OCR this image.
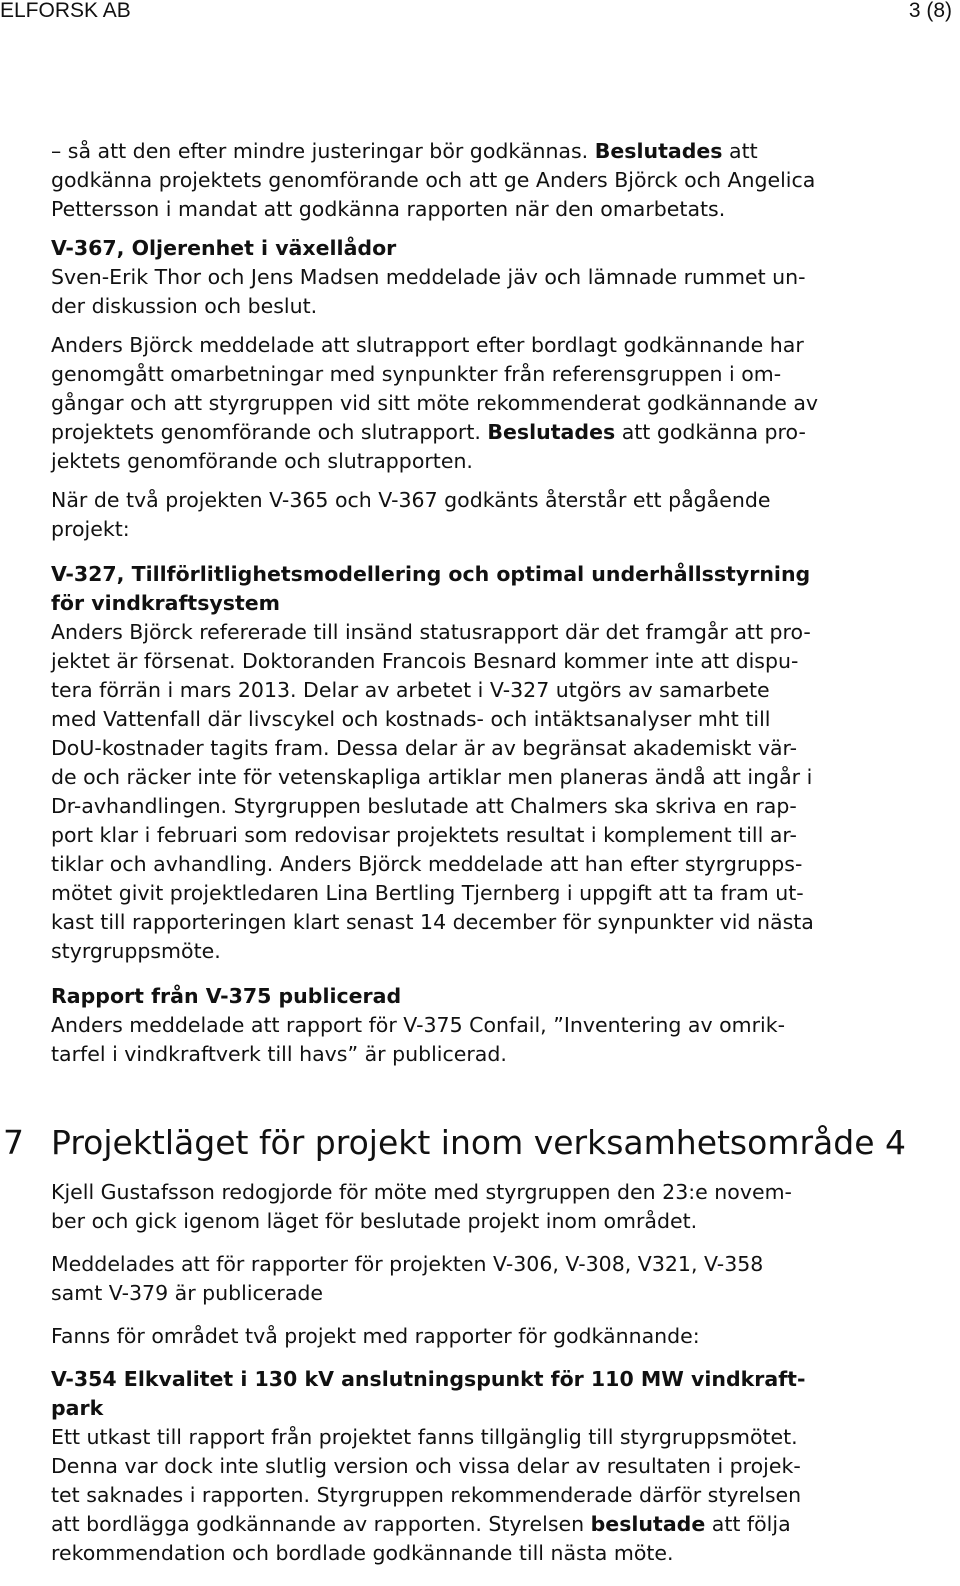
ELFORSK AB	3 (8)
– så att den efter mindre justeringar bör godkännas. Beslutades att
godkänna projektets genomförande och att ge Anders Björck och Angelica
Pettersson i mandat att godkänna rapporten när den omarbetats.
V-367, Oljerenhet i växellådor
Sven-Erik Thor och Jens Madsen meddelade jäv och lämnade rummet un-
der diskussion och beslut.
Anders Björck meddelade att slutrapport efter bordlagt godkännande har
genomgått omarbetningar med synpunkter från referensgruppen i om-
gångar och att styrgruppen vid sitt möte rekommenderat godkännande av
projektets genomförande och slutrapport. Beslutades att godkänna pro-
jektets genomförande och slutrapporten.
När de två projekten V-365 och V-367 godkänts återstår ett pågående
projekt:
V-327, Tillförlitlighetsmodellering och optimal underhållsstyrning
för vindkraftsystem
Anders Björck refererade till insänd statusrapport där det framgår att pro-
jektet är försenat. Doktoranden Francois Besnard kommer inte att dispu-
tera förrän i mars 2013. Delar av arbetet i V-327 utgörs av samarbete
med Vattenfall där livscykel och kostnads- och intäktsanalyser mht till
DoU-kostnader tagits fram. Dessa delar är av begränsat akademiskt vär-
de och räcker inte för vetenskapliga artiklar men planeras ändå att ingår i
Dr-avhandlingen. Styrgruppen beslutade att Chalmers ska skriva en rap-
port klar i februari som redovisar projektets resultat i komplement till ar-
tiklar och avhandling. Anders Björck meddelade att han efter styrgrupps-
mötet givit projektledaren Lina Bertling Tjernberg i uppgift att ta fram ut-
kast till rapporteringen klart senast 14 december för synpunkter vid nästa
styrgruppsmöte.
Rapport från V-375 publicerad
Anders meddelade att rapport för V-375 Confail, ”Inventering av omrik-
tarfel i vindkraftverk till havs” är publicerad.
7 Projektläget för projekt inom verksamhetsområde 4
Kjell Gustafsson redogjorde för möte med styrgruppen den 23:e novem-
ber och gick igenom läget för beslutade projekt inom området.
Meddelades att för rapporter för projekten V-306, V-308, V321, V-358
samt V-379 är publicerade
Fanns för området två projekt med rapporter för godkännande:
V-354 Elkvalitet i 130 kV anslutningspunkt för 110 MW vindkraft-
park
Ett utkast till rapport från projektet fanns tillgänglig till styrgruppsmötet.
Denna var dock inte slutlig version och vissa delar av resultaten i projek-
tet saknades i rapporten. Styrgruppen rekommenderade därför styrelsen
att bordlägga godkännande av rapporten. Styrelsen beslutade att följa
rekommendation och bordlade godkännande till nästa möte.
